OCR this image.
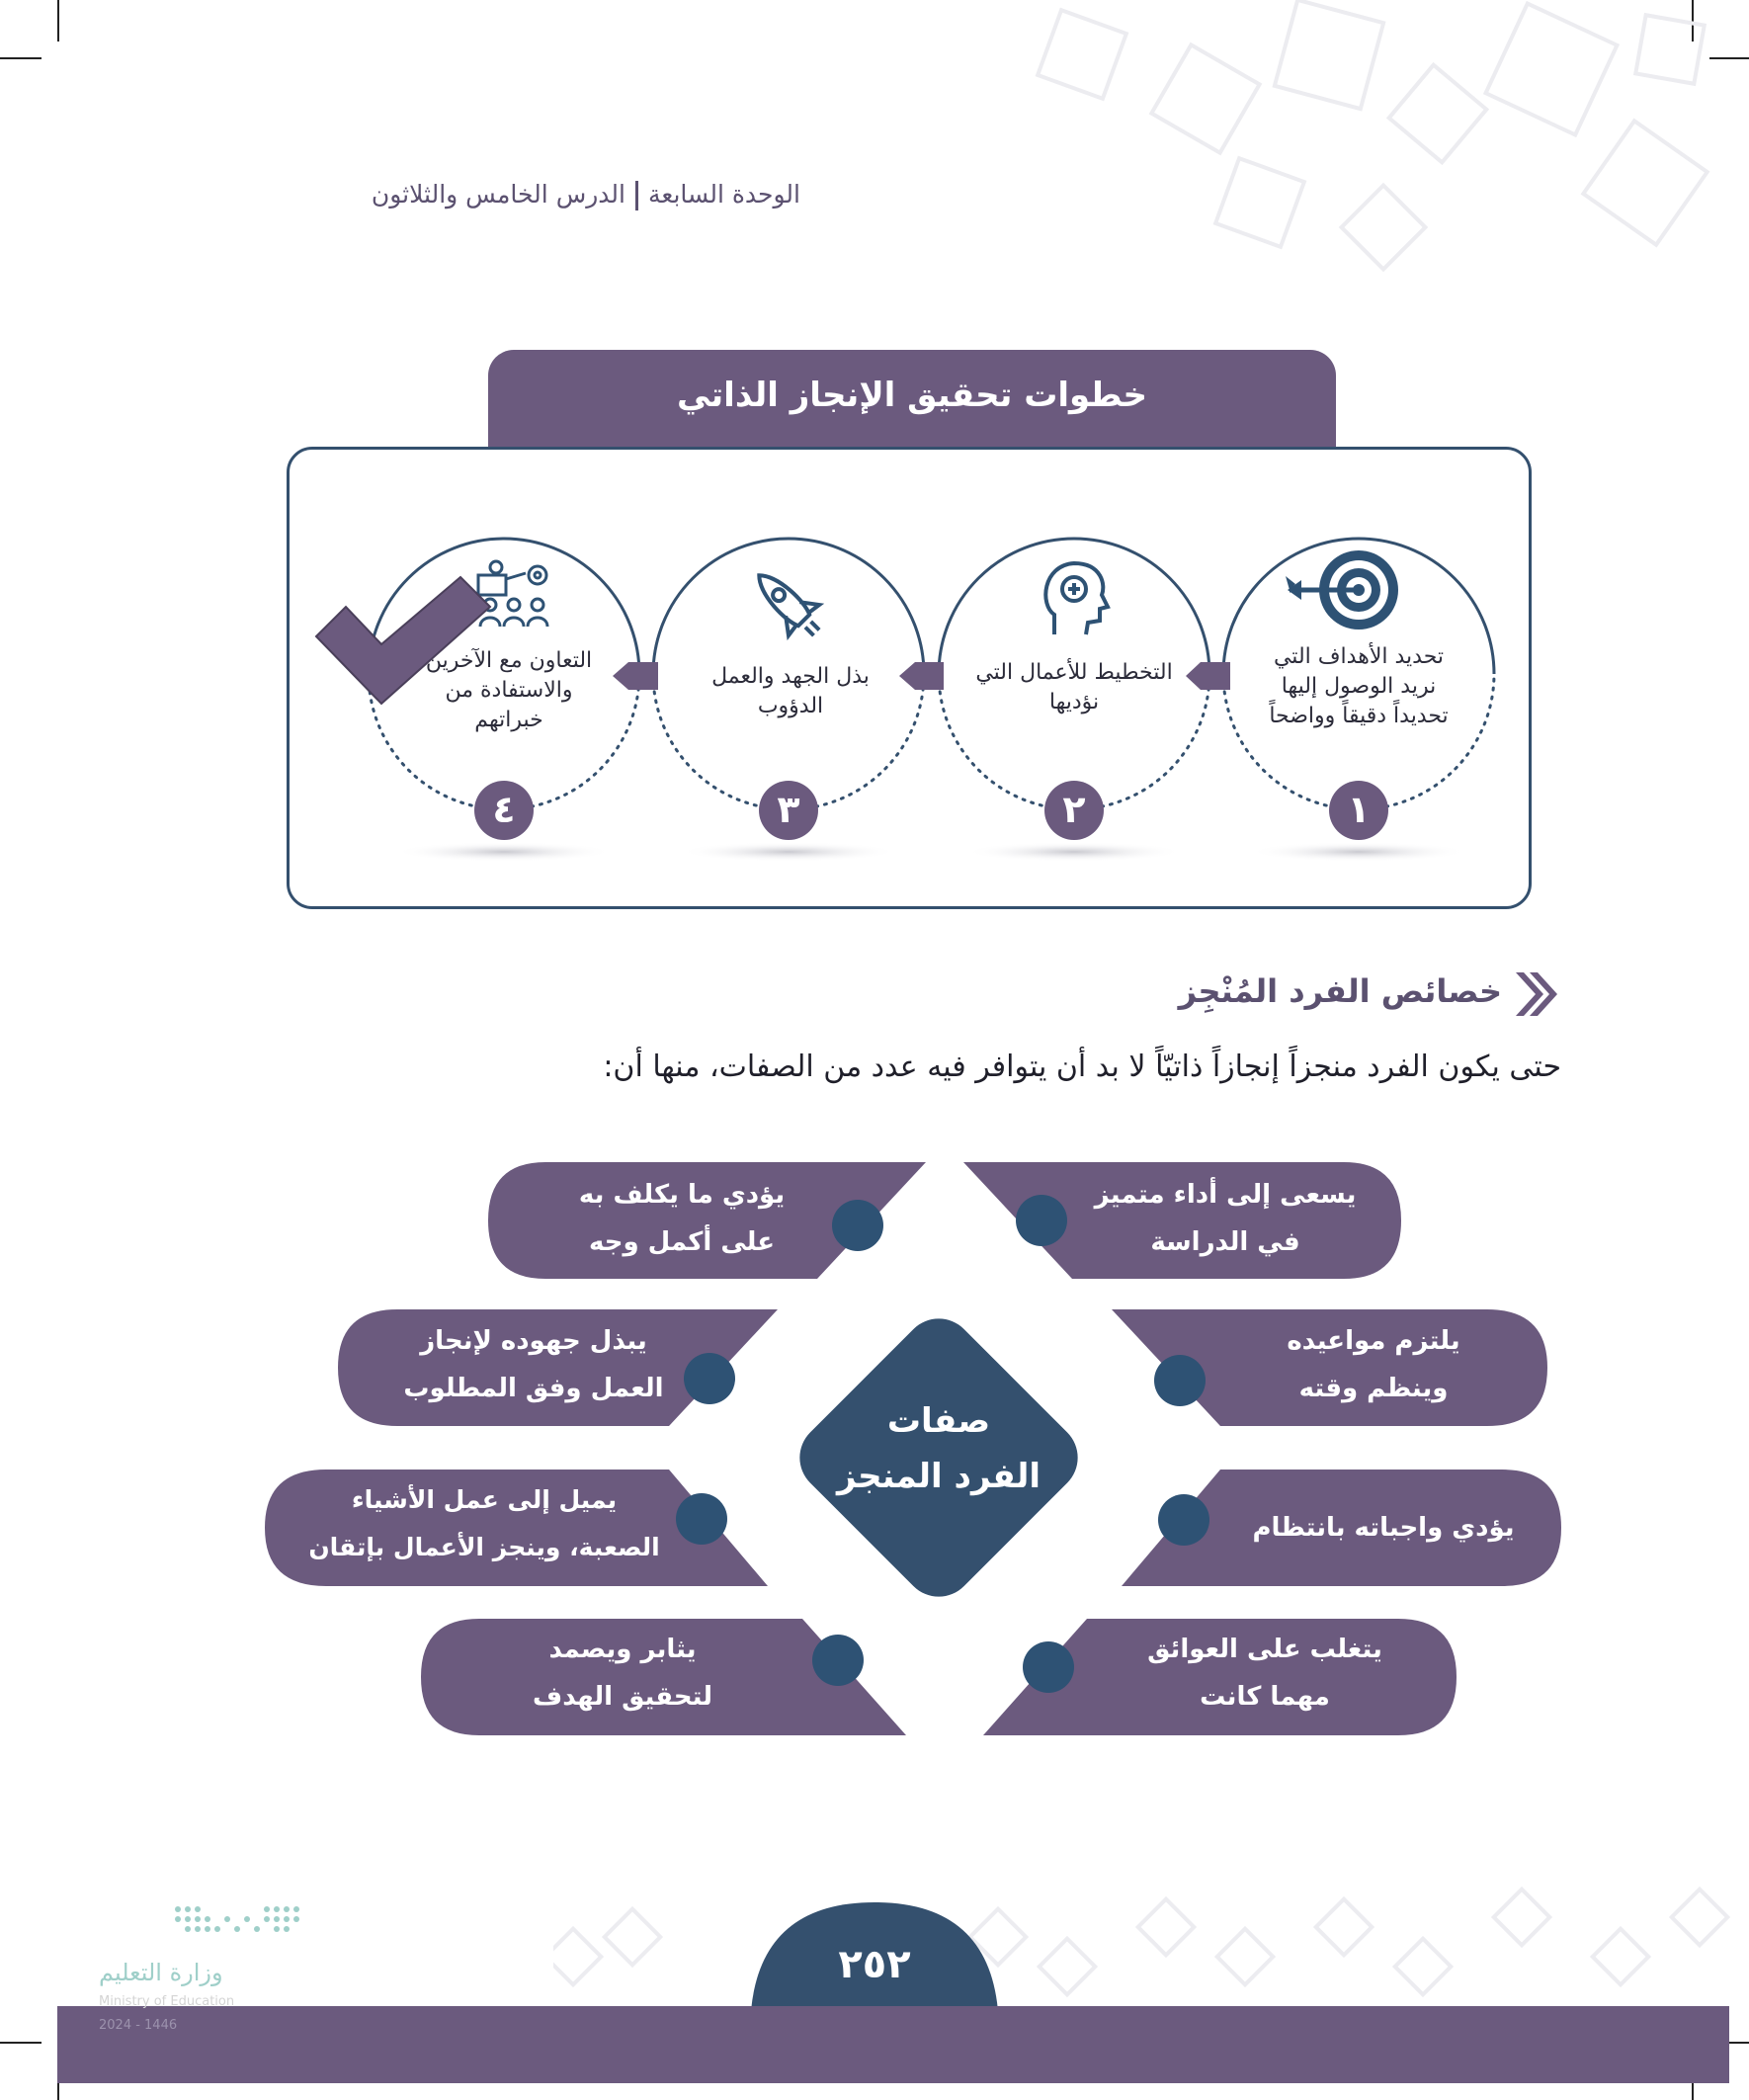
الوحدة السابعةالدرس الخامس والثلاثون
خطوات تحقيق الإنجاز الذاتي
تحديد الأهداف التي نريد الوصول إليها تحديداً دقيقاً وواضحاً
التخطيط للأعمال التي نؤديها
بذل الجهد والعمل الدؤوب
التعاون مع الآخرين والاستفادة من خبراتهم
١
٢
٣
٤
خصائص الفرد المُنْجِز
حتى يكون الفرد منجزاً إنجازاً ذاتيّاً لا بد أن يتوافر فيه عدد من الصفات، منها أن:
صفات
الفرد المنجز
يسعى إلى أداء متميز
في الدراسة
يلتزم مواعيده
وينظم وقته
يؤدي واجباته بانتظام
يتغلب على العوائق
مهما كانت
يؤدي ما يكلف به
على أكمل وجه
يبذل جهوده لإنجاز
العمل وفق المطلوب
يميل إلى عمل الأشياء
الصعبة، وينجز الأعمال بإتقان
يثابر ويصمد
لتحقيق الهدف
٢٥٢
وزارة التعليم
Ministry of Education
2024 - 1446
